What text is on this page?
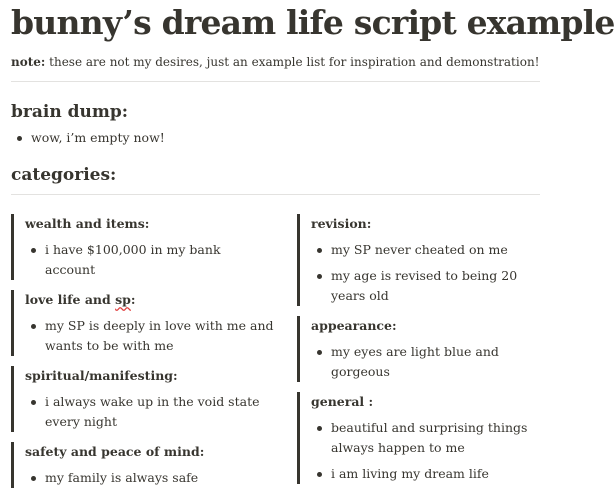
bunny’s dream life script example
note: these are not my desires, just an example list for inspiration and demonstration!
brain dump:
wow, i’m empty now!
categories:
wealth and items:
i have $100,000 in my bank account
love life and sp:
my SP is deeply in love with me and wants to be with me
spiritual/manifesting:
i always wake up in the void state every night
safety and peace of mind:
my family is always safe
revision:
my SP never cheated on me
my age is revised to being 20 years old
appearance:
my eyes are light blue and gorgeous
general :
beautiful and surprising things always happen to me
i am living my dream life
